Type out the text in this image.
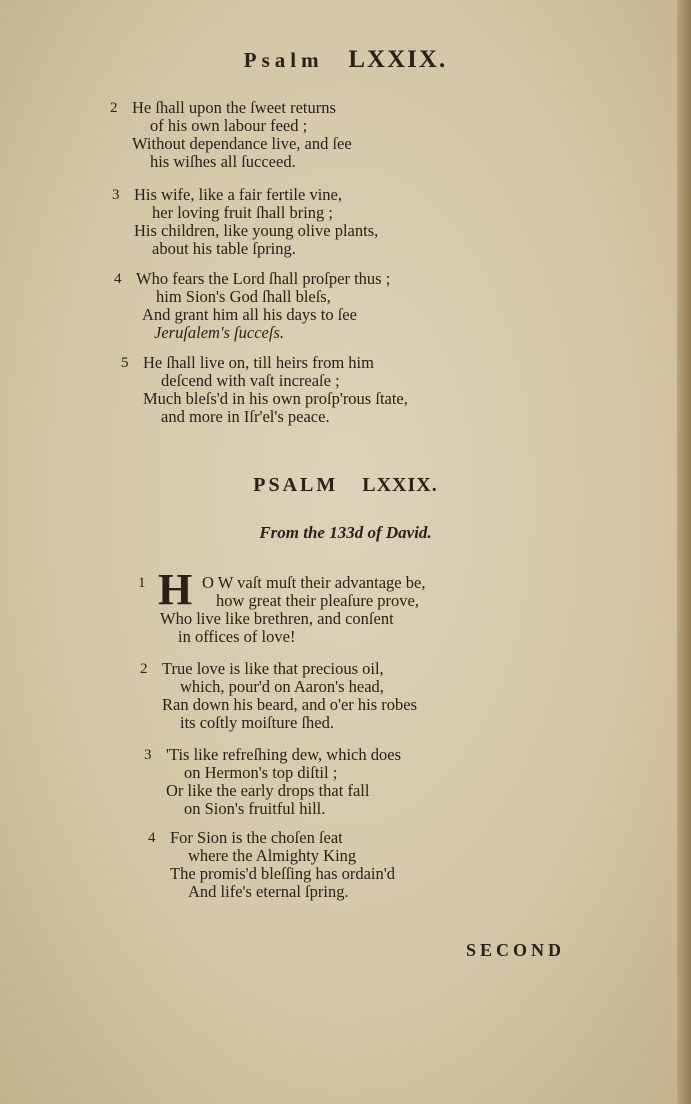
Psalm LXXIX.
2 He ſhall upon the ſweet returns
of his own labour feed ;
Without dependance live, and ſee
his wiſhes all ſucceed.
3 His wife, like a fair fertile vine,
her loving fruit ſhall bring ;
His children, like young olive plants,
about his table ſpring.
4 Who fears the Lord ſhall proſper thus ;
him Sion's God ſhall bleſs,
And grant him all his days to ſee
Jeruſalem's ſucceſs.
5 He ſhall live on, till heirs from him
deſcend with vaſt increaſe ;
Much bleſs'd in his own proſp'rous ſtate,
and more in Iſr'el's peace.
PSALM LXXIX.
From the 133d of David.
1 H O W vaſt muſt their advantage be,
how great their pleaſure prove,
Who live like brethren, and conſent
in offices of love!
2 True love is like that precious oil,
which, pour'd on Aaron's head,
Ran down his beard, and o'er his robes
its coſtly moiſture ſhed.
3 'Tis like refreſhing dew, which does
on Hermon's top diſtil ;
Or like the early drops that fall
on Sion's fruitful hill.
4 For Sion is the choſen ſeat
where the Almighty King
The promis'd bleſſing has ordain'd
And life's eternal ſpring.
SECOND
